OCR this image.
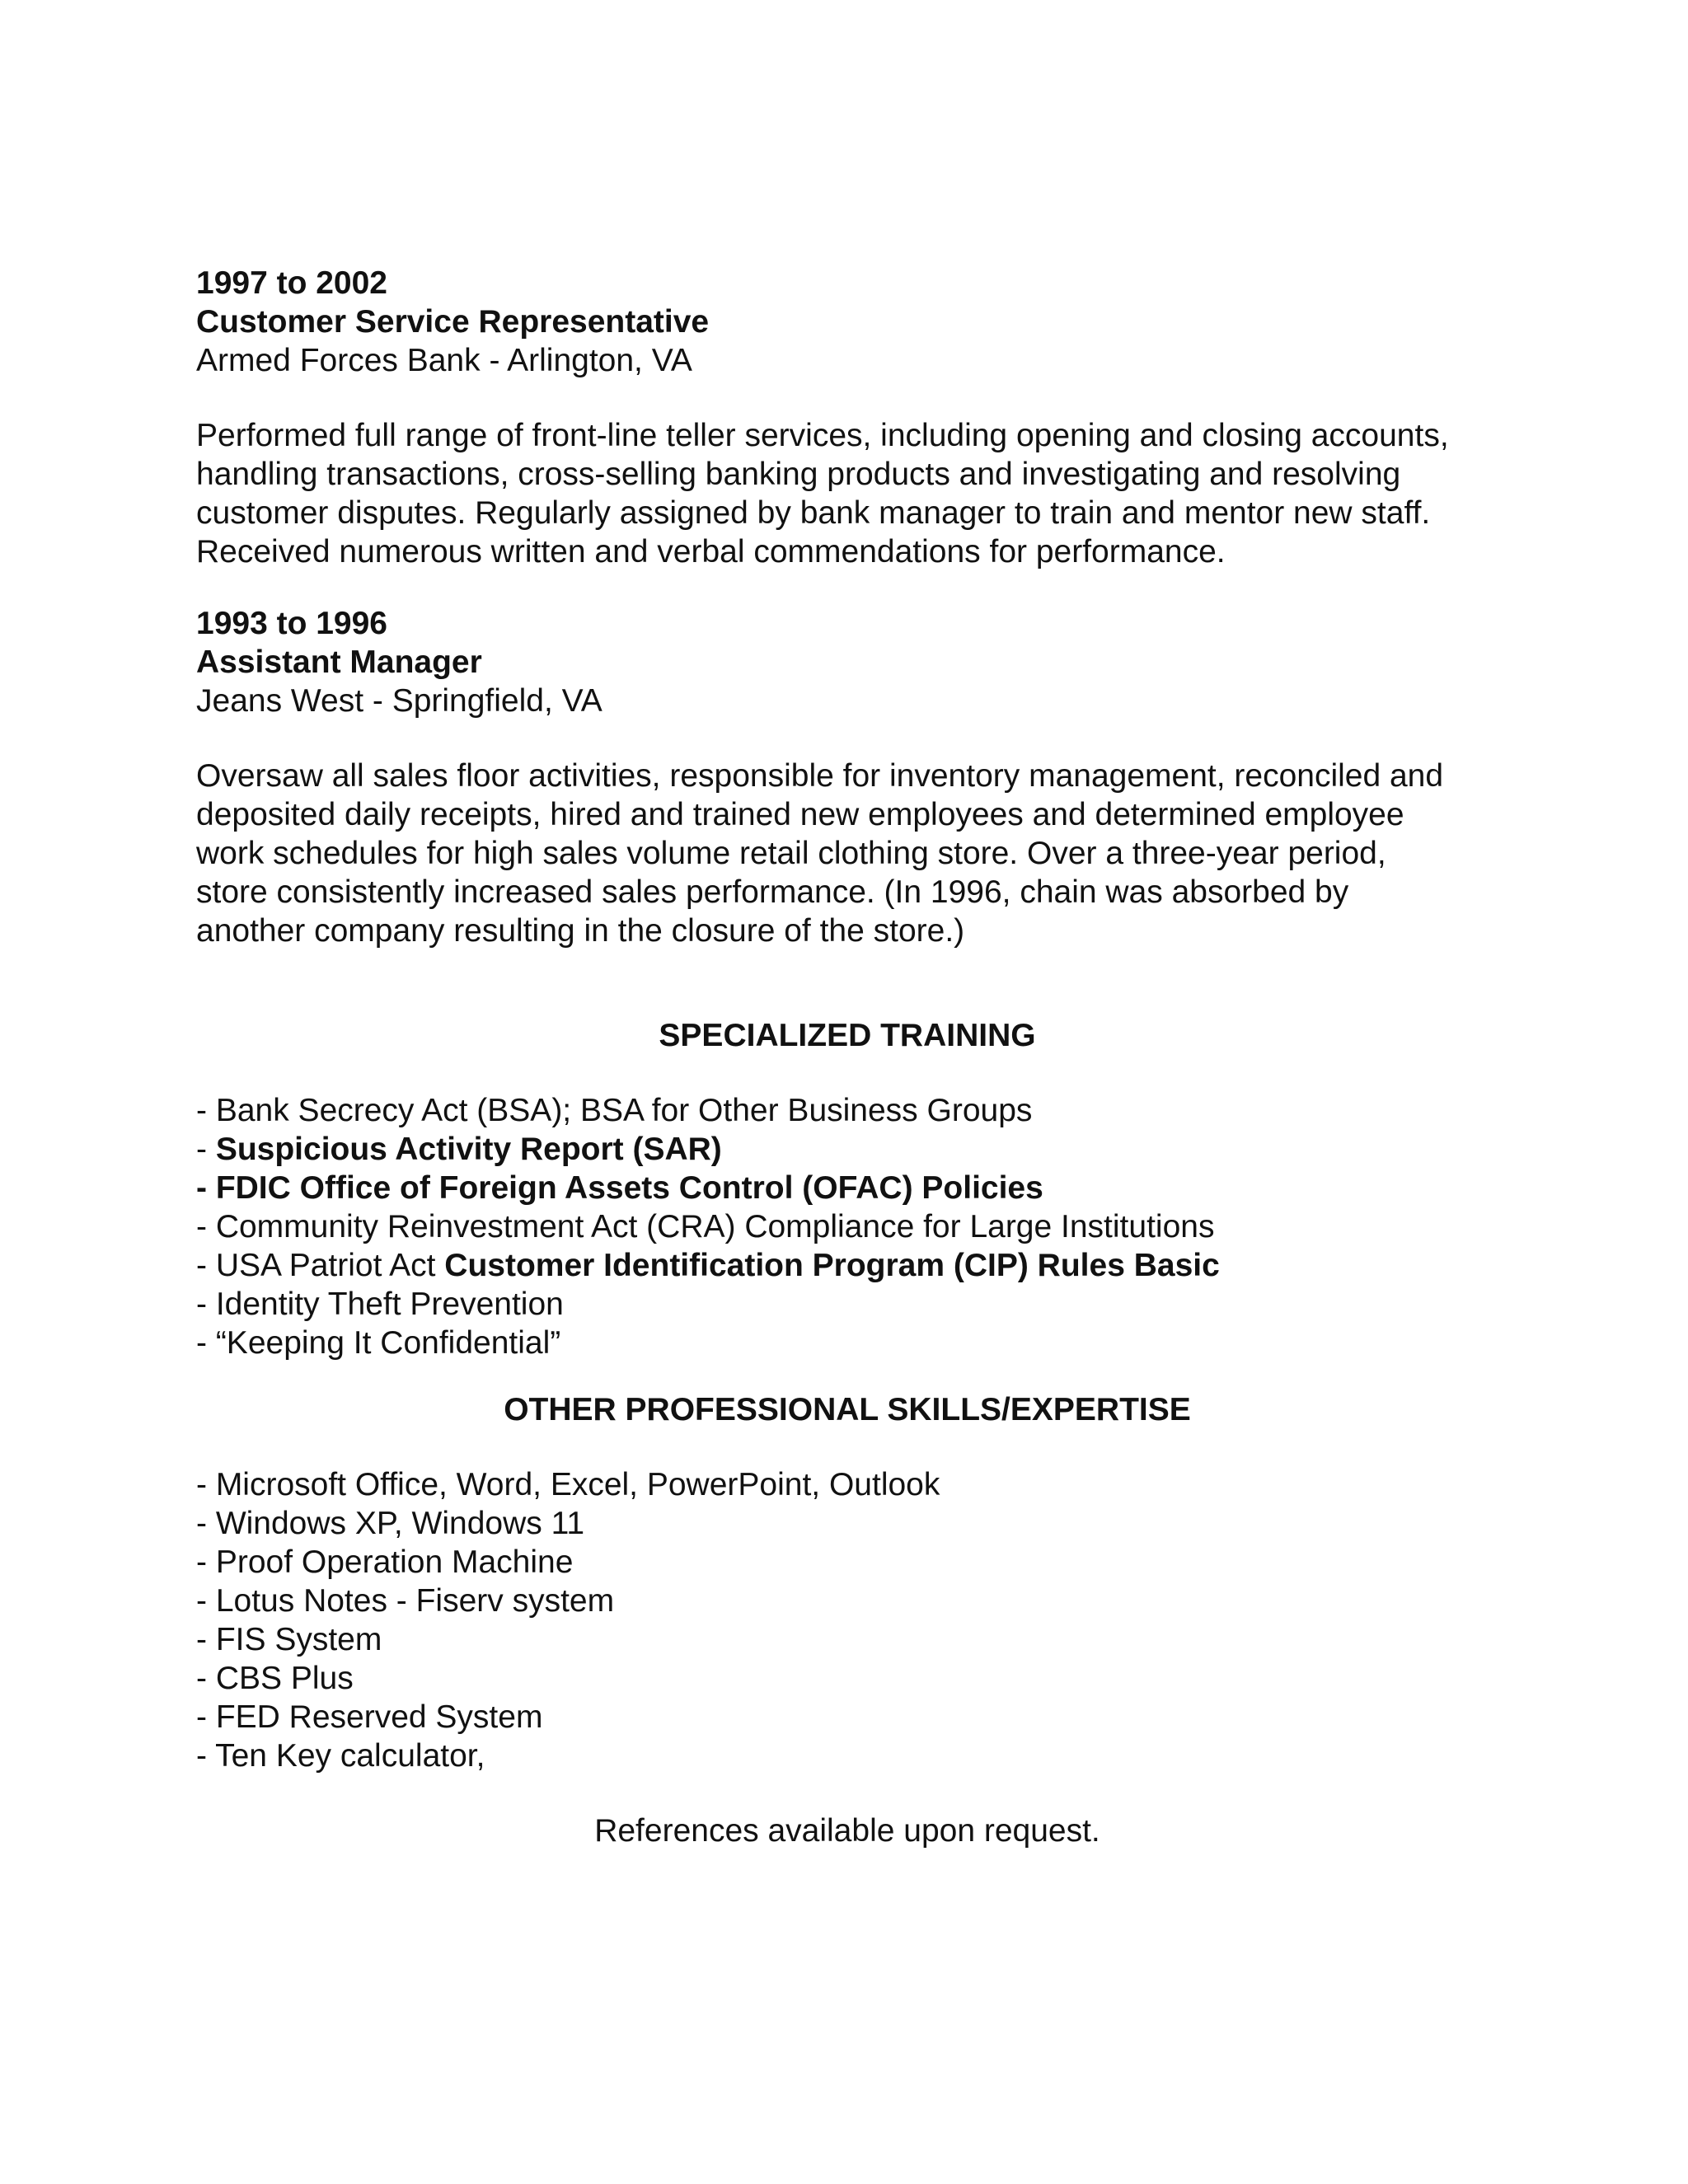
1997 to 2002
Customer Service Representative
Armed Forces Bank - Arlington, VA
Performed full range of front-line teller services, including opening and closing accounts,
handling transactions, cross-selling banking products and investigating and resolving
customer disputes. Regularly assigned by bank manager to train and mentor new staff.
Received numerous written and verbal commendations for performance.
1993 to 1996
Assistant Manager
Jeans West - Springfield, VA
Oversaw all sales floor activities, responsible for inventory management, reconciled and
deposited daily receipts, hired and trained new employees and determined employee
work schedules for high sales volume retail clothing store. Over a three-year period,
store consistently increased sales performance. (In 1996, chain was absorbed by
another company resulting in the closure of the store.)
SPECIALIZED TRAINING
- Bank Secrecy Act (BSA); BSA for Other Business Groups
- Suspicious Activity Report (SAR)
- FDIC Office of Foreign Assets Control (OFAC) Policies
- Community Reinvestment Act (CRA) Compliance for Large Institutions
- USA Patriot Act Customer Identification Program (CIP) Rules Basic
- Identity Theft Prevention
- “Keeping It Confidential”
OTHER PROFESSIONAL SKILLS/EXPERTISE
- Microsoft Office, Word, Excel, PowerPoint, Outlook
- Windows XP, Windows 11
- Proof Operation Machine
- Lotus Notes - Fiserv system
- FIS System
- CBS Plus
- FED Reserved System
- Ten Key calculator,
References available upon request.
